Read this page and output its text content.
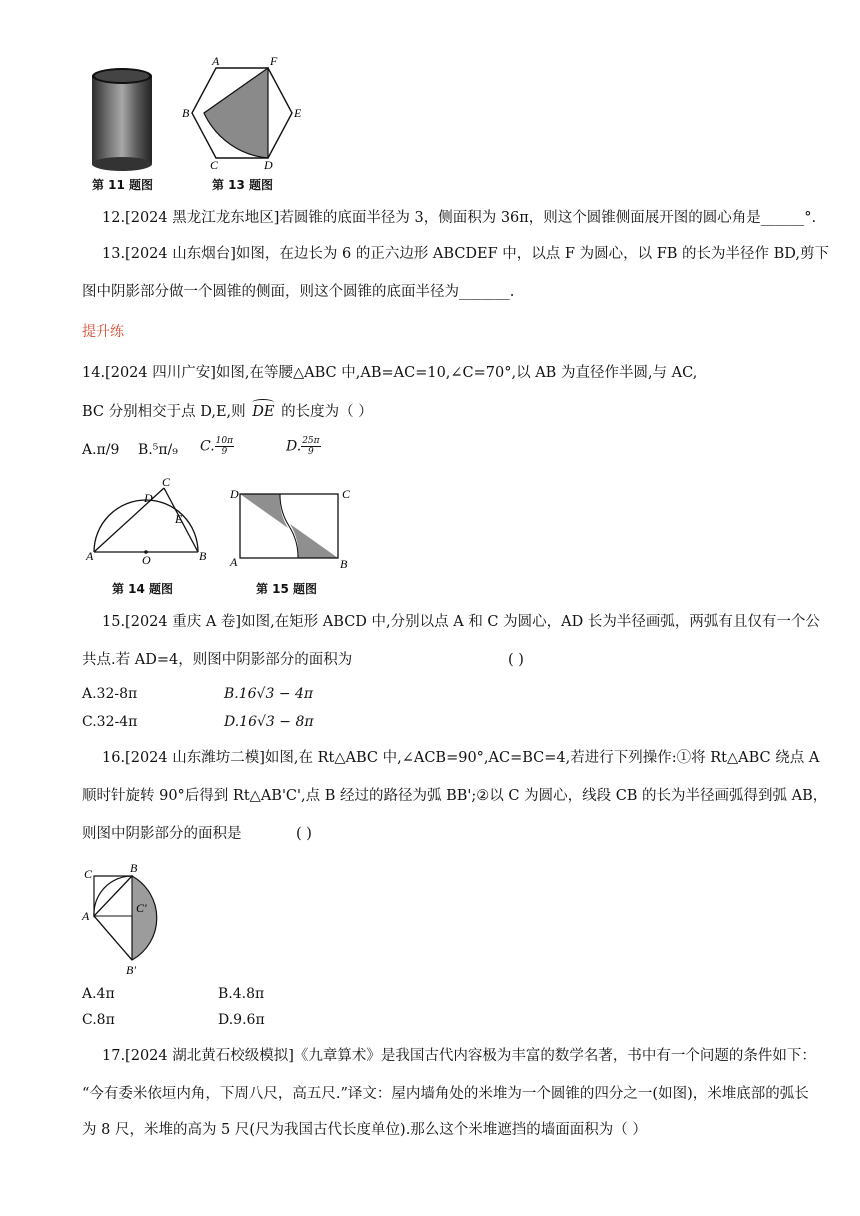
第 11 题图
A	F
B	E
C	D
第 13 题图
12.[2024 黑龙江龙东地区]若圆锥的底面半径为 3，侧面积为 36π，则这个圆锥侧面展开图的圆心角是______°.
13.[2024 山东烟台]如图，在边长为 6 的正六边形 ABCDEF 中，以点 F 为圆心，以 FB 的长为半径作 BD,剪下
图中阴影部分做一个圆锥的侧面，则这个圆锥的底面半径为_______.
提升练
14.[2024 四川广安]如图,在等腰△ABC 中,AB=AC=10,∠C=70°,以 AB 为直径作半圆,与 AC,
BC 分别相交于点 D,E,则 DE 的长度为（ ）
A.π/9 B.⁵π/₉ C. $\frac{10\pi}{9}$	D. $\frac{25\pi}{9}$
C
D
E
A	O	B
第 14 题图
D	C
A	B
第 15 题图
15.[2024 重庆 A 卷]如图,在矩形 ABCD 中,分别以点 A 和 C 为圆心，AD 长为半径画弧，两弧有且仅有一个公
共点.若 AD=4，则图中阴影部分的面积为	( )
A.32-8π	B.16√3 − 4π
C.32-4π	D.16√3 − 8π
16.[2024 山东潍坊二模]如图,在 Rt△ABC 中,∠ACB=90°,AC=BC=4,若进行下列操作:①将 Rt△ABC 绕点 A
顺时针旋转 90°后得到 Rt△AB'C',点 B 经过的路径为弧 BB';②以 C 为圆心，线段 CB 的长为半径画弧得到弧 AB，
则图中阴影部分的面积是	( )
C	B
A
C'
B'
A.4π	B.4.8π
C.8π	D.9.6π
17.[2024 湖北黄石校级模拟]《九章算术》是我国古代内容极为丰富的数学名著，书中有一个问题的条件如下：
“今有委米依垣内角，下周八尺，高五尺.”译文：屋内墙角处的米堆为一个圆锥的四分之一(如图)，米堆底部的弧长
为 8 尺，米堆的高为 5 尺(尺为我国古代长度单位).那么这个米堆遮挡的墙面面积为（ ）
